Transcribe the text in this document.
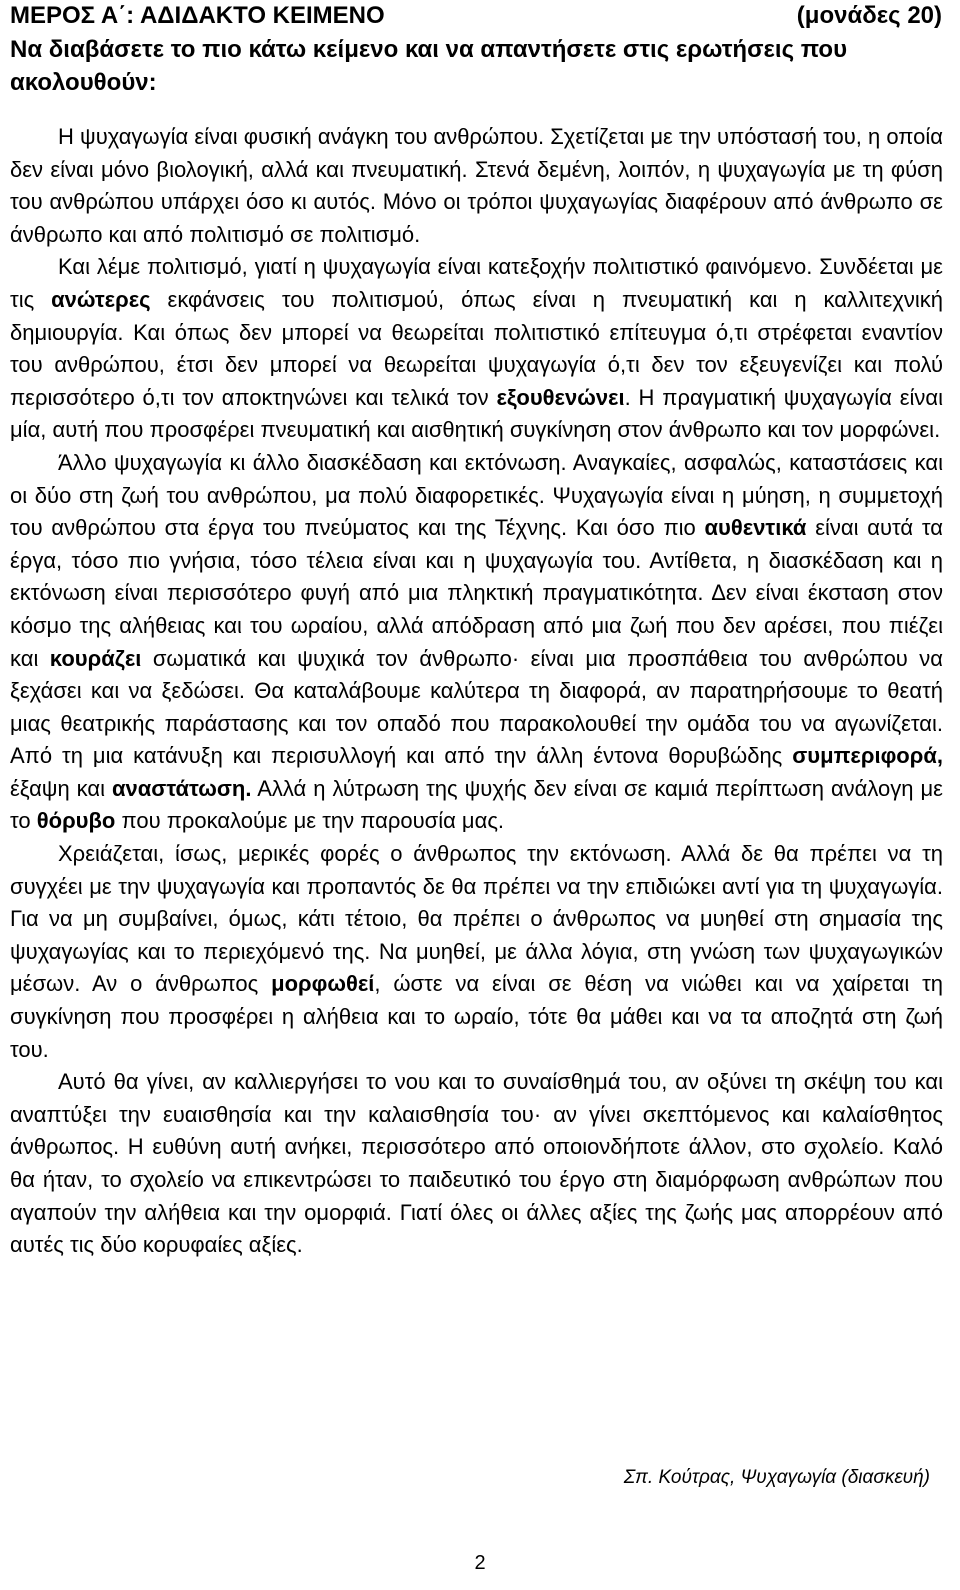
ΜΕΡΟΣ Α΄: ΑΔΙΔΑΚΤΟ ΚΕΙΜΕΝΟ	(μονάδες 20)
Να διαβάσετε το πιο κάτω κείμενο και να απαντήσετε στις ερωτήσεις που ακολουθούν:

Η ψυχαγωγία είναι φυσική ανάγκη του ανθρώπου. Σχετίζεται με την υπόστασή του, η οποία δεν είναι μόνο βιολογική, αλλά και πνευματική. Στενά δεμένη, λοιπόν, η ψυχαγωγία με τη φύση του ανθρώπου υπάρχει όσο κι αυτός. Μόνο οι τρόποι ψυχαγωγίας διαφέρουν από άνθρωπο σε άνθρωπο και από πολιτισμό σε πολιτισμό.

Και λέμε πολιτισμό, γιατί η ψυχαγωγία είναι κατεξοχήν πολιτιστικό φαινόμενο. Συνδέεται με τις ανώτερες εκφάνσεις του πολιτισμού, όπως είναι η πνευματική και η καλλιτεχνική δημιουργία. Και όπως δεν μπορεί να θεωρείται πολιτιστικό επίτευγμα ό,τι στρέφεται εναντίον του ανθρώπου, έτσι δεν μπορεί να θεωρείται ψυχαγωγία ό,τι δεν τον εξευγενίζει και πολύ περισσότερο ό,τι τον αποκτηνώνει και τελικά τον εξουθενώνει. Η πραγματική ψυχαγωγία είναι μία, αυτή που προσφέρει πνευματική και αισθητική συγκίνηση στον άνθρωπο και τον μορφώνει.

Άλλο ψυχαγωγία κι άλλο διασκέδαση και εκτόνωση. Αναγκαίες, ασφαλώς, καταστάσεις και οι δύο στη ζωή του ανθρώπου, μα πολύ διαφορετικές. Ψυχαγωγία είναι η μύηση, η συμμετοχή του ανθρώπου στα έργα του πνεύματος και της Τέχνης. Και όσο πιο αυθεντικά είναι αυτά τα έργα, τόσο πιο γνήσια, τόσο τέλεια είναι και η ψυχαγωγία του. Αντίθετα, η διασκέδαση και η εκτόνωση είναι περισσότερο φυγή από μια πληκτική πραγματικότητα. Δεν είναι έκσταση στον κόσμο της αλήθειας και του ωραίου, αλλά απόδραση από μια ζωή που δεν αρέσει, που πιέζει και κουράζει σωματικά και ψυχικά τον άνθρωπο· είναι μια προσπάθεια του ανθρώπου να ξεχάσει και να ξεδώσει. Θα καταλάβουμε καλύτερα τη διαφορά, αν παρατηρήσουμε το θεατή μιας θεατρικής παράστασης και τον οπαδό που παρακολουθεί την ομάδα του να αγωνίζεται. Από τη μια κατάνυξη και περισυλλογή και από την άλλη έντονα θορυβώδης συμπεριφορά, έξαψη και αναστάτωση. Αλλά η λύτρωση της ψυχής δεν είναι σε καμιά περίπτωση ανάλογη με το θόρυβο που προκαλούμε με την παρουσία μας.

Χρειάζεται, ίσως, μερικές φορές ο άνθρωπος την εκτόνωση. Αλλά δε θα πρέπει να τη συγχέει με την ψυχαγωγία και προπαντός δε θα πρέπει να την επιδιώκει αντί για τη ψυχαγωγία. Για να μη συμβαίνει, όμως, κάτι τέτοιο, θα πρέπει ο άνθρωπος να μυηθεί στη σημασία της ψυχαγωγίας και το περιεχόμενό της. Να μυηθεί, με άλλα λόγια, στη γνώση των ψυχαγωγικών μέσων. Αν ο άνθρωπος μορφωθεί, ώστε να είναι σε θέση να νιώθει και να χαίρεται τη συγκίνηση που προσφέρει η αλήθεια και το ωραίο, τότε θα μάθει και να τα αποζητά στη ζωή του.

Αυτό θα γίνει, αν καλλιεργήσει το νου και το συναίσθημά του, αν οξύνει τη σκέψη του και αναπτύξει την ευαισθησία και την καλαισθησία του· αν γίνει σκεπτόμενος και καλαίσθητος άνθρωπος. Η ευθύνη αυτή ανήκει, περισσότερο από οποιονδήποτε άλλον, στο σχολείο. Καλό θα ήταν, το σχολείο να επικεντρώσει το παιδευτικό του έργο στη διαμόρφωση ανθρώπων που αγαπούν την αλήθεια και την ομορφιά. Γιατί όλες οι άλλες αξίες της ζωής μας απορρέουν από αυτές τις δύο κορυφαίες αξίες.

Σπ. Κούτρας, Ψυχαγωγία (διασκευή)
2
